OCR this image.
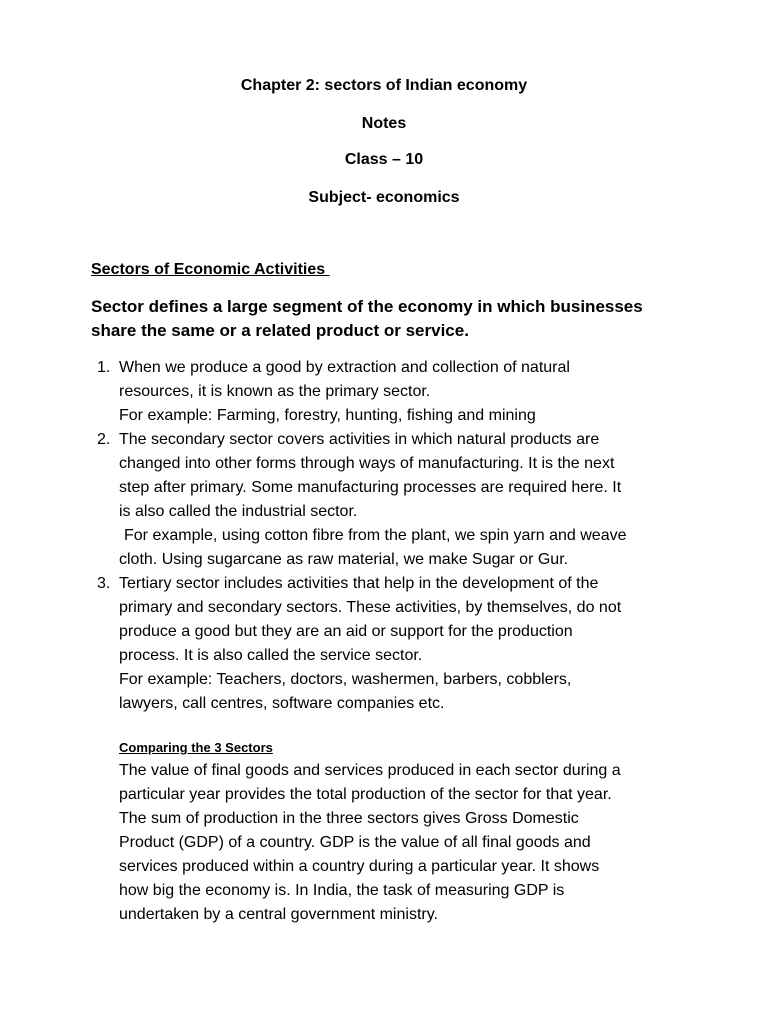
Chapter 2: sectors of Indian economy
Notes
Class – 10
Subject- economics
Sectors of Economic Activities
Sector defines a large segment of the economy in which businesses
share the same or a related product or service.
1. When we produce a good by extraction and collection of natural
resources, it is known as the primary sector.
For example: Farming, forestry, hunting, fishing and mining
2. The secondary sector covers activities in which natural products are
changed into other forms through ways of manufacturing. It is the next
step after primary. Some manufacturing processes are required here. It
is also called the industrial sector.
For example, using cotton fibre from the plant, we spin yarn and weave
cloth. Using sugarcane as raw material, we make Sugar or Gur.
3. Tertiary sector includes activities that help in the development of the
primary and secondary sectors. These activities, by themselves, do not
produce a good but they are an aid or support for the production
process. It is also called the service sector.
For example: Teachers, doctors, washermen, barbers, cobblers,
lawyers, call centres, software companies etc.
Comparing the 3 Sectors
The value of final goods and services produced in each sector during a
particular year provides the total production of the sector for that year.
The sum of production in the three sectors gives Gross Domestic
Product (GDP) of a country. GDP is the value of all final goods and
services produced within a country during a particular year. It shows
how big the economy is. In India, the task of measuring GDP is
undertaken by a central government ministry.
